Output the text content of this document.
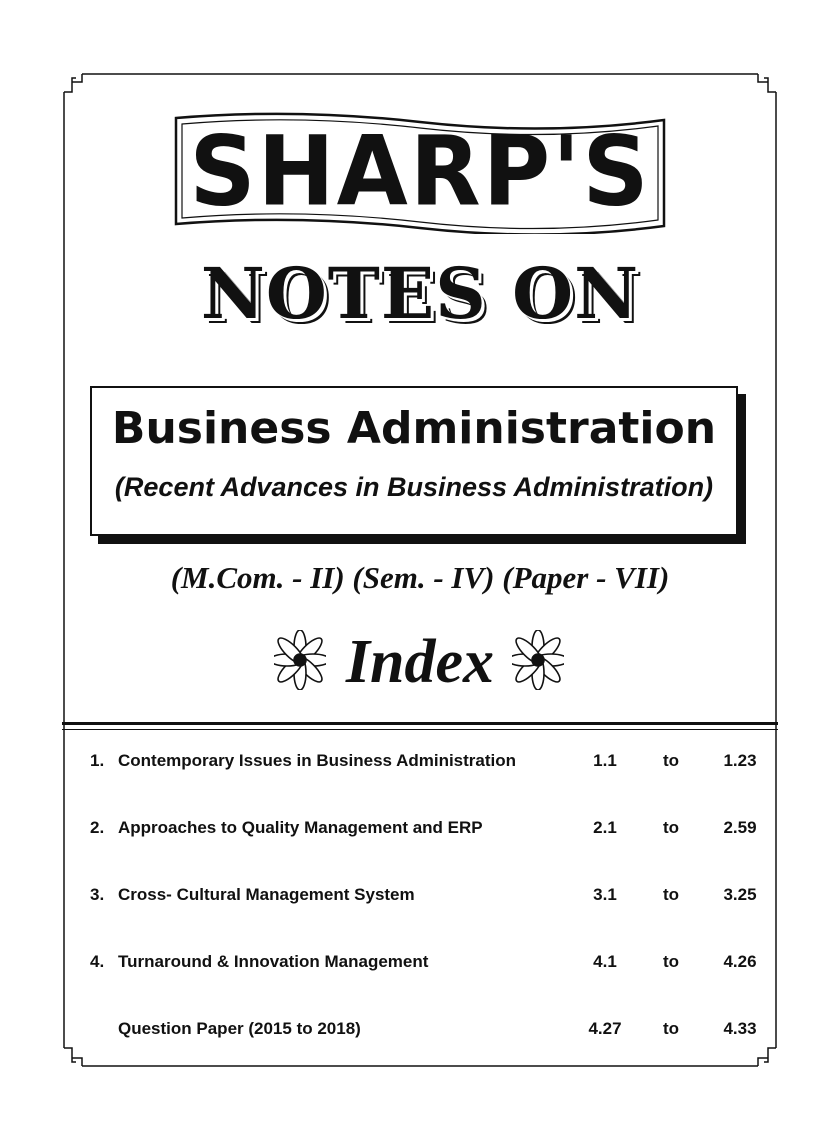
SHARP'S
NOTES ON
Business Administration
(Recent Advances in Business Administration)
(M.Com. - II) (Sem. - IV) (Paper - VII)
Index
1. Contemporary Issues in Business Administration	1.1	to	1.23
2. Approaches to Quality Management and ERP	2.1	to	2.59
3. Cross- Cultural Management System	3.1	to	3.25
4. Turnaround & Innovation Management	4.1	to	4.26
Question Paper (2015 to 2018)	4.27	to	4.33
